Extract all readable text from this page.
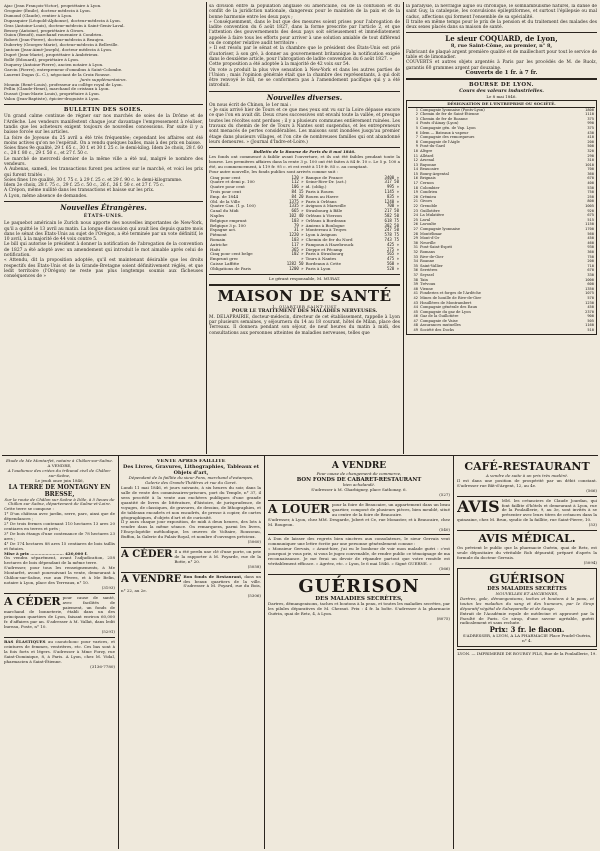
Ajac (Jean François-Victor), propriétaire à Lyon.

Grognier (Émile), docteur médecin à Lyon.

Dumond (Claude), rentier à Lyon.

Dupasquier (Léopold-Alphonse), docteur-médecin à Lyon.

Gras (Antoine-Louis), docteur-médecin à Saint-Genis-Laval.

Bessey (Antoine), propriétaire à Givors.

Guion (Benoît), marchand rouennier à Condrieu.

Robert (Jean-Pierre), docteur-médecin à Beaujeu.

Dubertry (Georges-Marie), docteur-médecin à Belleville.

Jantoux (Jean-Aimé-Joseph), docteur médecin à Lyon.

Dupré (Jean-Marie), propriétaire à Ambérieux.

Bollé (Edouard), propriétaire à Lyon.

Duquesy (Antoine-Pierre), ancien notaire à Lyon.

Garcin (Pierre), entrepreneur d'omnibus à Saint-Colombe.

Laurent Dugas (L. C.), négociant de la Croix Rousse.

Jurés supplémentaires.

Mounin (René-Louis), professeur au collège royal de Lyon.

Pellin (Claude-Henri), marchand de cristaux à Lyon.

Dussot (Jean-Marie Louis), propriétaire à Lyon.

Valon (Jean-Baptiste), épicier-droguiste à Lyon.

BULLETIN DES SOIES.

Un grand calme continue de régner sur nos marchés de soies de la Drôme et de l'Ardèche. Les vendeurs manifestent chaque jour davantage l'empressement à réaliser, tandis que les acheteurs exigent toujours de nouvelles concessions. Par suite il y a baisse forcée sur les articles.

La foire de Joyeuse du 25 avril a été très fréquentée; cependant les affaires ont été moins actives qu'on ne l'espérait. On a vendu quelques balles, mais à des prix en baisse.

Soies fines 9e qualité, 29 f. 65 c., 30 f. et 30 f. 25 c. le demi-kilog. Idem 2e choix, 28 f. 60 c., 28 f. 80 c., 29 f. 50 c., et 27 f. 50 c.

Le marché de mercredi dernier de la même ville a été nul, malgré le nombre des vendeurs.

A Aubenas, samedi, les transactions furent peu actives sur le marché, et voici les prix qui furent traités :

Soies fines 1re qualité, 30 f. 75 c. à 29 f. 25 c. et 29 f. 90 c. le demi-kilogramme.

Idem 2e choix, 28 f. 75 c., 29 f. 25 c. 50 c., 26 f., 26 f. 50 c. et 27 f. 75 c.

A Crépon, même nullité dans les transactions et baisse sur les prix.

A Lyon, même absence de demandes.

Nouvelles Étrangères.
ÉTATS-UNIS.

Le paquebot américain le Zurich nous apporte des nouvelles importantes de New-York, qu'il a quitté le 13 avril au matin. La longue discussion qui avait lieu depuis quatre mois dans le sénat des États-Unis au sujet de l'Orégon, a été terminée par un vote définitif, le 10 avril, à la majorité de 44 voix contre 5.

Le bill qui autorise le président à donner la notification de l'abrogation de la convention de 1827 a été adopté avec un amendement qui introduit le mot aimable après celui de notification.

« Attendu, dit la proposition adoptée, qu'il est maintenant désirable que les droits respectifs des États-Unis et de la Grande-Bretagne soient définitivement réglés, et que ledit territoire (l'Orégon) ne reste pas plus longtemps soumis aux fâcheuses conséquences de »

sa division entre la population anglaise ou américaine, ou de la confusion et du conflit de la juridiction nationale, dangereux pour le maintien de la paix et de la bonne harmonie entre les deux pays ;

» Conséquemment, dans le but que des mesures soient prises pour l'abrogation de ladite convention du 6 août 1827, dans la forme prescrite par l'article 2, et que l'attention des gouvernements des deux pays soit sérieusement et immédiatement appelée à faire tous les efforts pour arriver à une solution amiable de tout différend ou de compter relative audit territoire :

» Il est résolu par le sénat et la chambre que le président des États-Unis est prié d'autoriser, à son gré, à donner au gouvernement britannique la notification exigée dans le deuxième article, pour l'abrogation de ladite convention du 6 août 1827. »

Cette proposition a été adoptée à la majorité de 42 voix sur 54.

On vote a produit la plus vive sensation à New-York et dans les autres parties de l'Union ; mais l'opinion générale était que la chambre des représentants, à qui doit être renvoyé le bill, ne se conformera pas à l'amendement pacifique qui y a été introduit.

Nouvelles diverses.

On nous écrit de Chinon, le 1er mai :

« Je suis arrivé hier de Tours et ce que mes yeux ont vu sur la Loire dépasse encore ce que l'on en avait dit. Deux crues successives ont envahi toute la vallée, et presque toutes les récoltes sont perdues ; il y a plusieurs communes entièrement ruinées. Les travaux du chemin de fer de Tours à Nantes sont suspendus, et les entrepreneurs sont menacés de pertes considérables. Les maisons sont inondées jusqu'au premier étage dans plusieurs villages, et l'on cite de nombreuses familles qui ont abandonné leurs demeures. » (Journal d'Indre-et-Loire.)

Bulletin de la Bourse de Paris du 8 mai 1846.

Les fonds ont commencé à faiblir avant l'ouverture, et ils ont été faibles pendant toute la bourse. Les premières affaires dans la rente 3 p. 100 ont été faites à 84 fr. 10 c. Le 5 p. 100 a été, au commencement, à 119 fr. 95 c. et est resté à 119 fr. 85 c. au comptant.

Pour autre nouvelle, les fonds publics sont arrivés comme suit :

Cinq pour cent	120 »	Banque de France	3400 »
Quatre et demi p. 100	112 »	Seine-Rive-Dr. (act.)	317 50
Quatre pour cent	106 »	id. (oblig.)	995 »
Trois pour cent	84 15	Paris à Rouen	1145 »
Emp. de 1844	84 20	Rouen au Havre	835 »
Obl. de la Ville	1375 »	Paris à Orléans	1240 »
Quatre Can. (1 p. 100)	1335 »	Avignon à Marseille	700 »
Canal du Midi	665 »	Strasbourg à Bâle	217 50
Naples	102 40	Orléans à Vierzon	582 50
Belgique emprunt	103 »	Orléans à Bordeaux	618 75
Belgique 3 p. 100	79 »	Amiens à Boulogne	302 50
Espagne act.	31 »	Montereau à Troyes	247 50
Piémont	1220 »	Lyon à Avignon	578 75
Romain	103 »	Chemin de fer du Nord	743 75
Autriche	117 »	Fampoux à Hazebrouck	425 »
Haïti	365 »	Dieppe et Fécamp	275 »
Cinq pour cent belge	102 »	Paris à Strasbourg	565 »
Emprunt grec	»	Tours à Nantes	475 »
Caisse Laffitte	1282 50	Bordeaux à Cette	560 »
Obligations de Paris	1200 »	Paris à Lyon	520 »

Le gérant responsable, M. MURAT.

MAISON DE SANTÉ

1, QUARTIER SAINT-JUST

POUR LE TRAITEMENT DES MALADIES NERVEUSES.

M. DELAPRAIRIE, docteur-médecin, directeur de cet établissement, rappelle à Lyon par plusieurs semaines, y séjournera du 14 au 18 courant, hôtel de Milan, place des Terreaux. Il donnera pendant son séjour, de neuf heures du matin à midi, des consultations aux personnes atteintes de maladies nerveuses, telles que

la paralysie, la névralgie aiguë ou chronique, le somnambulisme naturel, la danse de saint Guy, la catalepsie, les convulsions épileptiformes, et surtout l'épilepsie ou mal caduc, affections qui forment l'ensemble de sa spécialité.

Il traite en même temps pour le prix de la pension et du traitement des malades des deux sexes placés dans sa maison de santé.

Le sieur COQUARD, de Lyon,

8, rue Saint-Côme, au premier, n° 8,

Fabricant de plaqué argent première qualité et de maillechort pour tout le service de table et de limonadier.

COUVERTS et autres objets argentés à Paris par les procédés de M. de Ruolz, garantis 60 grammes argent par douzaine.

Couverts de 1 fr. à 7 fr.

BOURSE DE LYON.

Cours des valeurs industrielles.

Le 8 mai 1846.

DÉSIGNATION DE L'ENTREPRISE OU SOCIÉTÉ.

1	Compagnie lyonnaise (Ponts-Lyon)	1800
2	Chemin de fer de Saint-Étienne	1110
3	Chemin de fer de Roanne	375
4	Ponts d'Ainay (Lyon)	990
5	Compagnie gén. de Vap. Lyon	375
6	Idem — Bateaux à vapeur	430
7	Compagnie des remorqueurs	410
8	Compagnie de l'Aigle	200
9	Pont-du-Gard	500
10	Alègre	320
11	Alléard	290
12	Arsenal	310
13	Bayonne	1010
14	Beaucaire	700
15	Bourg-Argental	360
16	Brignais	670
17	Cernon	400
18	Colombier	530
19	Condrieu	750
20	Crémieu	250
21	Givors	800
22	Grenoble	1005
23	Guillotière	920
24	La Mulatière	675
25	Laval	515
26	Lavoulte	1150
27	Compagnie lyonnaise	1700
28	Montélimar	560
29	Mont-d'Or	450
30	Neuville	460
31	Pont-Saint-Esprit	930
32	Romans	360
33	Rive-de-Gier	750
34	Roanne	200
35	Saint-Vallier	710
36	Serrières	670
37	Seyssel	330
38	Tain	1000
39	Trévoux	600
40	Vienne	1350
41	Fonderies et forges de l'Ardèche	1075
42	Mines de houille de Rive-de-Gier	570
43	Houillères de Montrambert	1230
44	Compagnie générale des Eaux	450
45	Compagnie du gaz de Lyon	2370
46	Gaz de la Guillotière	900
47	Compagnie de Vaise	505
48	Assurances mutuelles	1160
49	Société des Docks	510

Étude de Me Montarfet, notaire à Châlon-sur-Saône.

A VENDRE,

A l'audience des criées du tribunal civil de Châlon-sur-Saône,

Le jeudi onze juin 1846,

LA TERRE DE MONTAGNY EN BRESSE,

Sur la route de Châlon sur Saône à Dôle, à 5 lieues de Châlon sur Saône, département de Saône-et-Loire.

Cette terre se compose :

1° D'un château avec jardin, serre, parc, ainsi que de dépendances ;

2° De trois fermes contenant 110 hectares 13 ares 20 centiares en terres et prés ;

3° De bois étangs d'une contenance de 78 hectares 23 ares ;

4° De 174 hectares 88 ares 15 centiares de bois taillis et futaies.

Mise à prix ........................ 420,000 f.

On vendra séparément, avant l'adjudication, 258 hectares de bois dépendant de la même terre.

S'adresser, pour tous les renseignements, à Me Montarfet, avoué poursuivant la vente, demeurant à Châlon-sur-Saône, rue aux Fèvres, et à Me Belin, notaire à Lyon, place des Terreaux, n° 10.

(3193)

A CÉDER pour cause de santé, avec facilités de paiement, un fonds de marchand de bonneterie, établi dans un des principaux quartiers de Lyon, faisant environ 60,000 fr. d'affaires par an. S'adresser à M. Vallat, dans ledit bureau, Poste, n° 10.

(5291)

BAS ÉLASTIQUES au caoutchouc pour varices, et ceintures de femmes, ventrières, etc. Ces bas sont à la fois forts et légers. S'adresser à Mme Forzy, rue Saint-Dominique, 8, à Paris. A Lyon, chez M. Vidal, pharmacien à Saint-Étienne.

(3136-7780)

VENTE APRÈS FAILLITE

Des Livres, Gravures, Lithographies, Tableaux et Objets d'art,

Dépendant de la faillite du sieur Pons, marchand d'estampes, Galerie des Grands-Théâtres et rue du Garet.

Lundi 11 mai 1846, et jours suivants, à six heures du soir, dans la salle de vente des commissaires-priseurs, port du Temple, n° 37, il sera procédé à la vente aux enchères publiques d'une grande quantité de livres de littérature, d'histoire, de jurisprudence, de voyages, de classiques, de gravures, de dessins, de lithographies, et de tableaux encadrés et non encadrés, de presse à copier, de cartes géographiques, d'objets d'art et de curiosité.

Il y aura chaque jour exposition, de midi à deux heures, des lots à vendre dans la même séance. On remarquera, parmi les livres, l'Encyclopédie méthodique, les œuvres de Voltaire, Rousseau, Buffon, la Galerie du Palais-Royal, et nombre d'ouvrages précieux.

(5060)

A CÉDER Il a été perdu une clé d'une porte, on prie de la rapporter à M. Poyarde, rue de la Botte, n° 20.

(5058)

A VENDRE Bon fonds de Restaurant, dans un des beaux quartiers de la ville. S'adresser à M. Poyard, rue du Bois, n° 22, au 2e.

(5306)

A VENDRE

Pour cause de changement de commerce,

BON FONDS DE CABARET-RESTAURANT

bien achalandé.

S'adresser à M. Gharbigney, place Sathonay, 6.

(527)

A LOUER pour la foire de Beaucaire, un appartement dans un beau quartier, composé de plusieurs pièces, bien meublé, situé au centre de la foire de Beaucaire.

S'adresser, à Lyon, chez MM. Desgarde, Jobert et Ce, rue Monaster, et à Beaucaire, chez M. Bougeon.

(540)

A Don de laisser des regrets bien sincères aux consolateurs, le sieur Gervais veut communiquer une lettre écrite par une personne généralement connue :

« Monsieur Gervais, » Avant-hier, j'ai eu le bonheur de voir mon malade guéri : c'est pourquoi je vous prie, si vous le jugez convenable, de rendre public ce témoignage de ma reconnaissance. Je me ferai un devoir de répandre partout que votre remède est véritablement efficace. » Agréez, etc. » Lyon, le 6 mai 1846. » Signé GUERNE. »

(566)

GUÉRISON

DES MALADIES SECRÈTES,

Dartres, démangeaisons, taches et boutons à la peau, et toutes les maladies secrètes, par les pilules dépuratives de M. Cheraut. Prix : 4 fr. la boîte. S'adresser à la pharmacie Guérin, quai de Retz, 4, à Lyon.

(8075)

CAFÉ-RESTAURANT

A vendre de suite à un prix très modéré.

Il est dans une position de prospérité par un débit constant. S'adresser rue Bât-d'Argent, 12, au 4e.

(566)

AVIS MM. les créanciers de Claude Jourdan, qui font faillite d'hôtels et demeurant à Lyon, rue de la Poulaillerie, 9, au 3e, sont invités à se présenter avec leurs titres de créances dans la quinzaine, chez M. Brun, syndic de la faillite, rue Saint-Pierre, 10.

(53)

AVIS MÉDICAL.

On prévient le public que la pharmacie Guérin, quai de Retz, est seule dépositaire du véritable Rob dépuratif, préparé d'après la formule du docteur Gervais.

(5094)

GUÉRISON

DES MALADIES SECRÈTES

NOUVELLES ET ANCIENNES,

Dartres, gale, démangeaisons, taches et boutons à la peau, et toutes les maladies du sang et des humeurs, par le Sirop dépuratif végétal de Salsepareille et de Sauge.

Extrait de l'Académie royale de médecine et approuvé par la Faculté de Paris. Ce sirop, d'une saveur agréable, guérit radicalement et sans rechute.

Prix: 3 fr. le flacon.

S'ADRESSER, à LYON, A LA PHARMACIE Place Pradel-Guérin, n° 4.

LYON. — IMPRIMERIE DE BOURSY FILS, Rue de la Poulaillerie, 19.
